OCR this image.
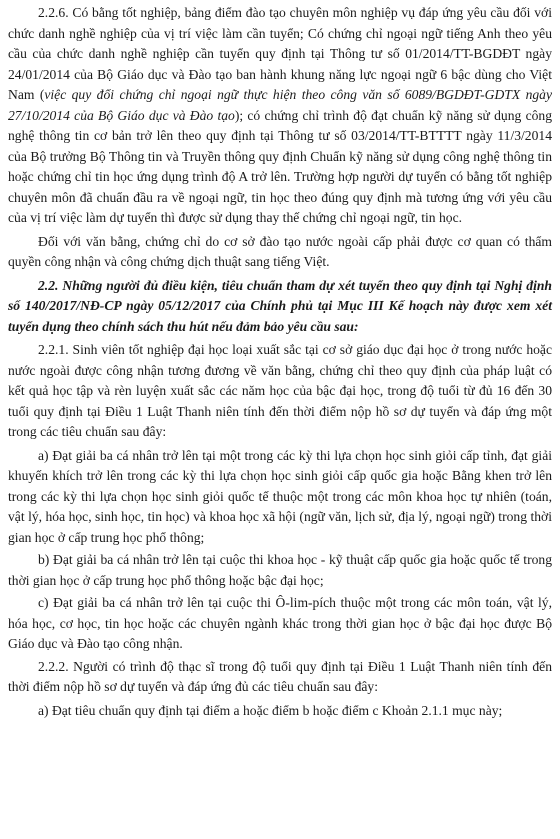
2.2.6. Có bằng tốt nghiệp, bảng điểm đào tạo chuyên môn nghiệp vụ đáp ứng yêu cầu đối với chức danh nghề nghiệp của vị trí việc làm cần tuyển; Có chứng chỉ ngoại ngữ tiếng Anh theo yêu cầu của chức danh nghề nghiệp cần tuyển quy định tại Thông tư số 01/2014/TT-BGDĐT ngày 24/01/2014 của Bộ Giáo dục và Đào tạo ban hành khung năng lực ngoại ngữ 6 bậc dùng cho Việt Nam (việc quy đổi chứng chỉ ngoại ngữ thực hiện theo công văn số 6089/BGDĐT-GDTX ngày 27/10/2014 của Bộ Giáo dục và Đào tạo); có chứng chỉ trình độ đạt chuẩn kỹ năng sử dụng công nghệ thông tin cơ bản trở lên theo quy định tại Thông tư số 03/2014/TT-BTTTT ngày 11/3/2014 của Bộ trưởng Bộ Thông tin và Truyền thông quy định Chuẩn kỹ năng sử dụng công nghệ thông tin hoặc chứng chỉ tin học ứng dụng trình độ A trở lên. Trường hợp người dự tuyển có bằng tốt nghiệp chuyên môn đã chuẩn đầu ra về ngoại ngữ, tin học theo đúng quy định mà tương ứng với yêu cầu của vị trí việc làm dự tuyển thì được sử dụng thay thế chứng chỉ ngoại ngữ, tin học.

Đối với văn bằng, chứng chỉ do cơ sở đào tạo nước ngoài cấp phải được cơ quan có thẩm quyền công nhận và công chứng dịch thuật sang tiếng Việt.

2.2. Những người đủ điều kiện, tiêu chuẩn tham dự xét tuyển theo quy định tại Nghị định số 140/2017/NĐ-CP ngày 05/12/2017 của Chính phủ tại Mục III Kế hoạch này được xem xét tuyển dụng theo chính sách thu hút nếu đảm bảo yêu cầu sau:

2.2.1. Sinh viên tốt nghiệp đại học loại xuất sắc tại cơ sở giáo dục đại học ở trong nước hoặc nước ngoài được công nhận tương đương về văn bằng, chứng chỉ theo quy định của pháp luật có kết quả học tập và rèn luyện xuất sắc các năm học của bậc đại học, trong độ tuổi từ đủ 16 đến 30 tuổi quy định tại Điều 1 Luật Thanh niên tính đến thời điểm nộp hồ sơ dự tuyển và đáp ứng một trong các tiêu chuẩn sau đây:

a) Đạt giải ba cá nhân trở lên tại một trong các kỳ thi lựa chọn học sinh giỏi cấp tỉnh, đạt giải khuyến khích trở lên trong các kỳ thi lựa chọn học sinh giỏi cấp quốc gia hoặc Bằng khen trở lên trong các kỳ thi lựa chọn học sinh giỏi quốc tế thuộc một trong các môn khoa học tự nhiên (toán, vật lý, hóa học, sinh học, tin học) và khoa học xã hội (ngữ văn, lịch sử, địa lý, ngoại ngữ) trong thời gian học ở cấp trung học phổ thông;

b) Đạt giải ba cá nhân trở lên tại cuộc thi khoa học - kỹ thuật cấp quốc gia hoặc quốc tế trong thời gian học ở cấp trung học phổ thông hoặc bậc đại học;

c) Đạt giải ba cá nhân trở lên tại cuộc thi Ô-lim-pích thuộc một trong các môn toán, vật lý, hóa học, cơ học, tin học hoặc các chuyên ngành khác trong thời gian học ở bậc đại học được Bộ Giáo dục và Đào tạo công nhận.

2.2.2. Người có trình độ thạc sĩ trong độ tuổi quy định tại Điều 1 Luật Thanh niên tính đến thời điểm nộp hồ sơ dự tuyển và đáp ứng đủ các tiêu chuẩn sau đây:

a) Đạt tiêu chuẩn quy định tại điểm a hoặc điểm b hoặc điểm c Khoản 2.1.1 mục này;
